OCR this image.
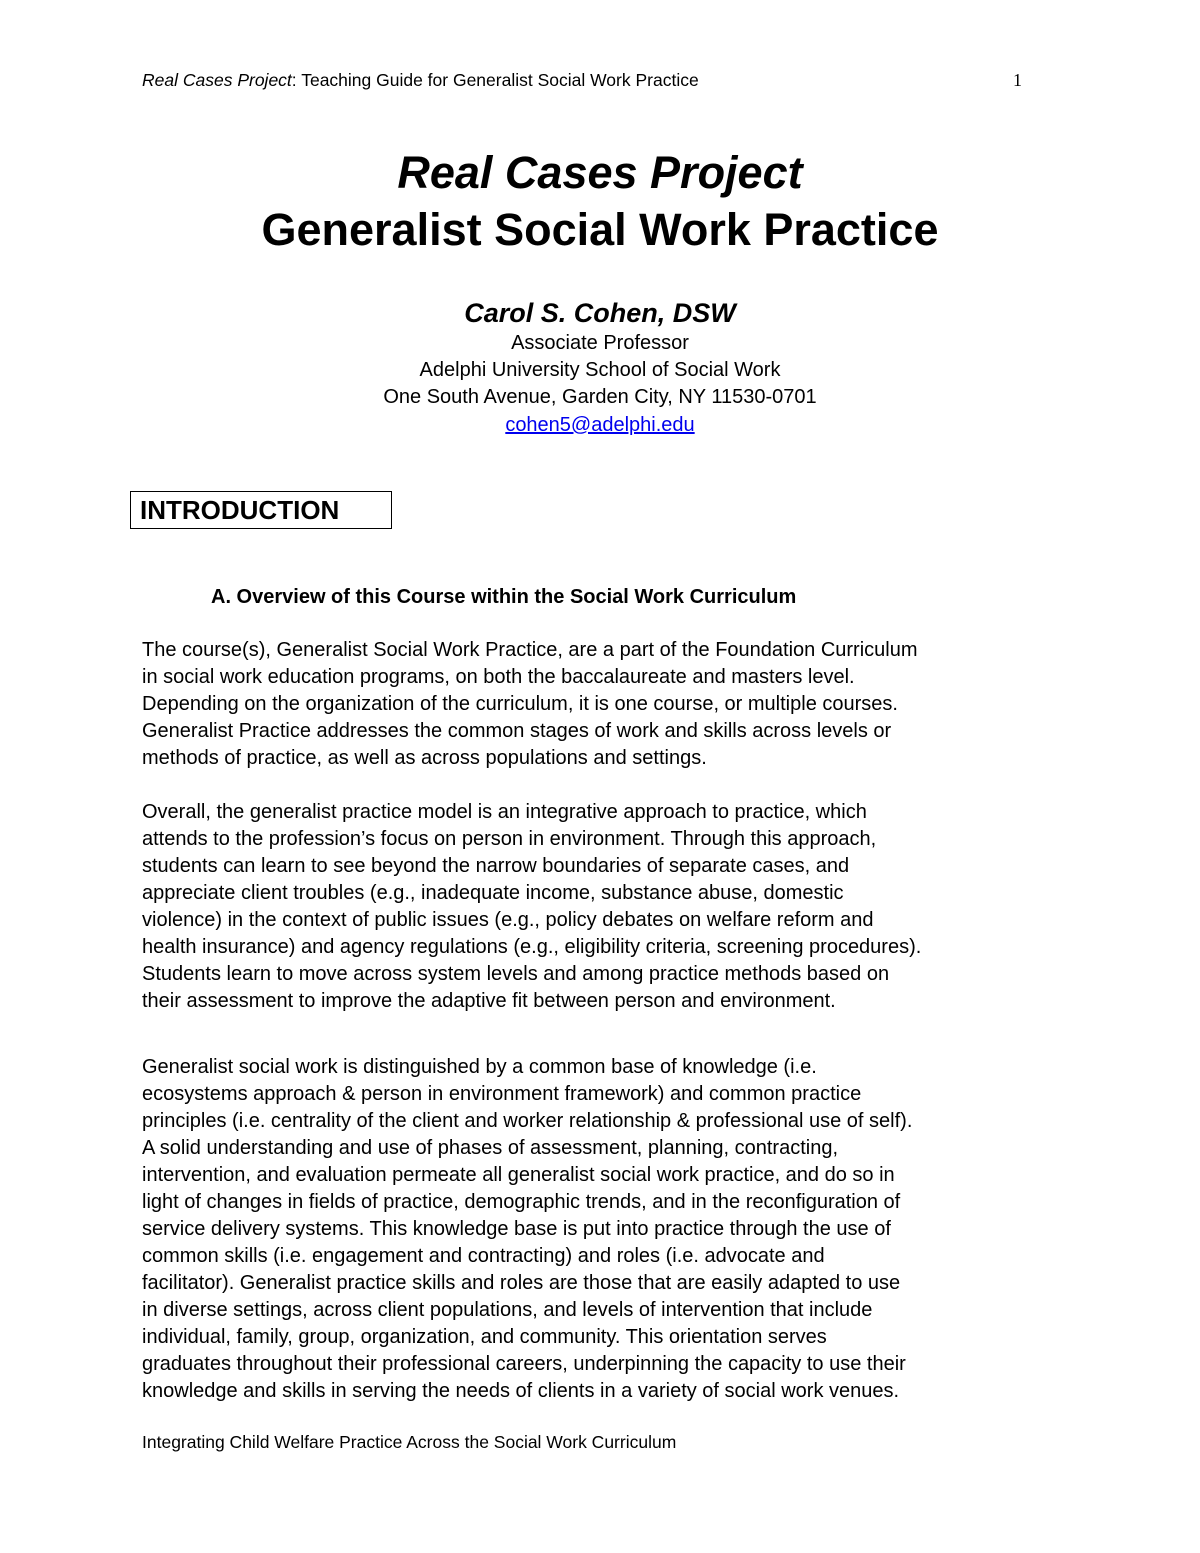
Real Cases Project: Teaching Guide for Generalist Social Work Practice	1
Real Cases Project
Generalist Social Work Practice
Carol S. Cohen, DSW
Associate Professor
Adelphi University School of Social Work
One South Avenue, Garden City, NY 11530-0701
cohen5@adelphi.edu
INTRODUCTION
A. Overview of this Course within the Social Work Curriculum
The course(s), Generalist Social Work Practice, are a part of the Foundation Curriculum
in social work education programs, on both the baccalaureate and masters level.
Depending on the organization of the curriculum, it is one course, or multiple courses.
Generalist Practice addresses the common stages of work and skills across levels or
methods of practice, as well as across populations and settings.
Overall, the generalist practice model is an integrative approach to practice, which
attends to the profession’s focus on person in environment. Through this approach,
students can learn to see beyond the narrow boundaries of separate cases, and
appreciate client troubles (e.g., inadequate income, substance abuse, domestic
violence) in the context of public issues (e.g., policy debates on welfare reform and
health insurance) and agency regulations (e.g., eligibility criteria, screening procedures).
Students learn to move across system levels and among practice methods based on
their assessment to improve the adaptive fit between person and environment.
Generalist social work is distinguished by a common base of knowledge (i.e.
ecosystems approach & person in environment framework) and common practice
principles (i.e. centrality of the client and worker relationship & professional use of self).
A solid understanding and use of phases of assessment, planning, contracting,
intervention, and evaluation permeate all generalist social work practice, and do so in
light of changes in fields of practice, demographic trends, and in the reconfiguration of
service delivery systems. This knowledge base is put into practice through the use of
common skills (i.e. engagement and contracting) and roles (i.e. advocate and
facilitator). Generalist practice skills and roles are those that are easily adapted to use
in diverse settings, across client populations, and levels of intervention that include
individual, family, group, organization, and community. This orientation serves
graduates throughout their professional careers, underpinning the capacity to use their
knowledge and skills in serving the needs of clients in a variety of social work venues.
Integrating Child Welfare Practice Across the Social Work Curriculum
